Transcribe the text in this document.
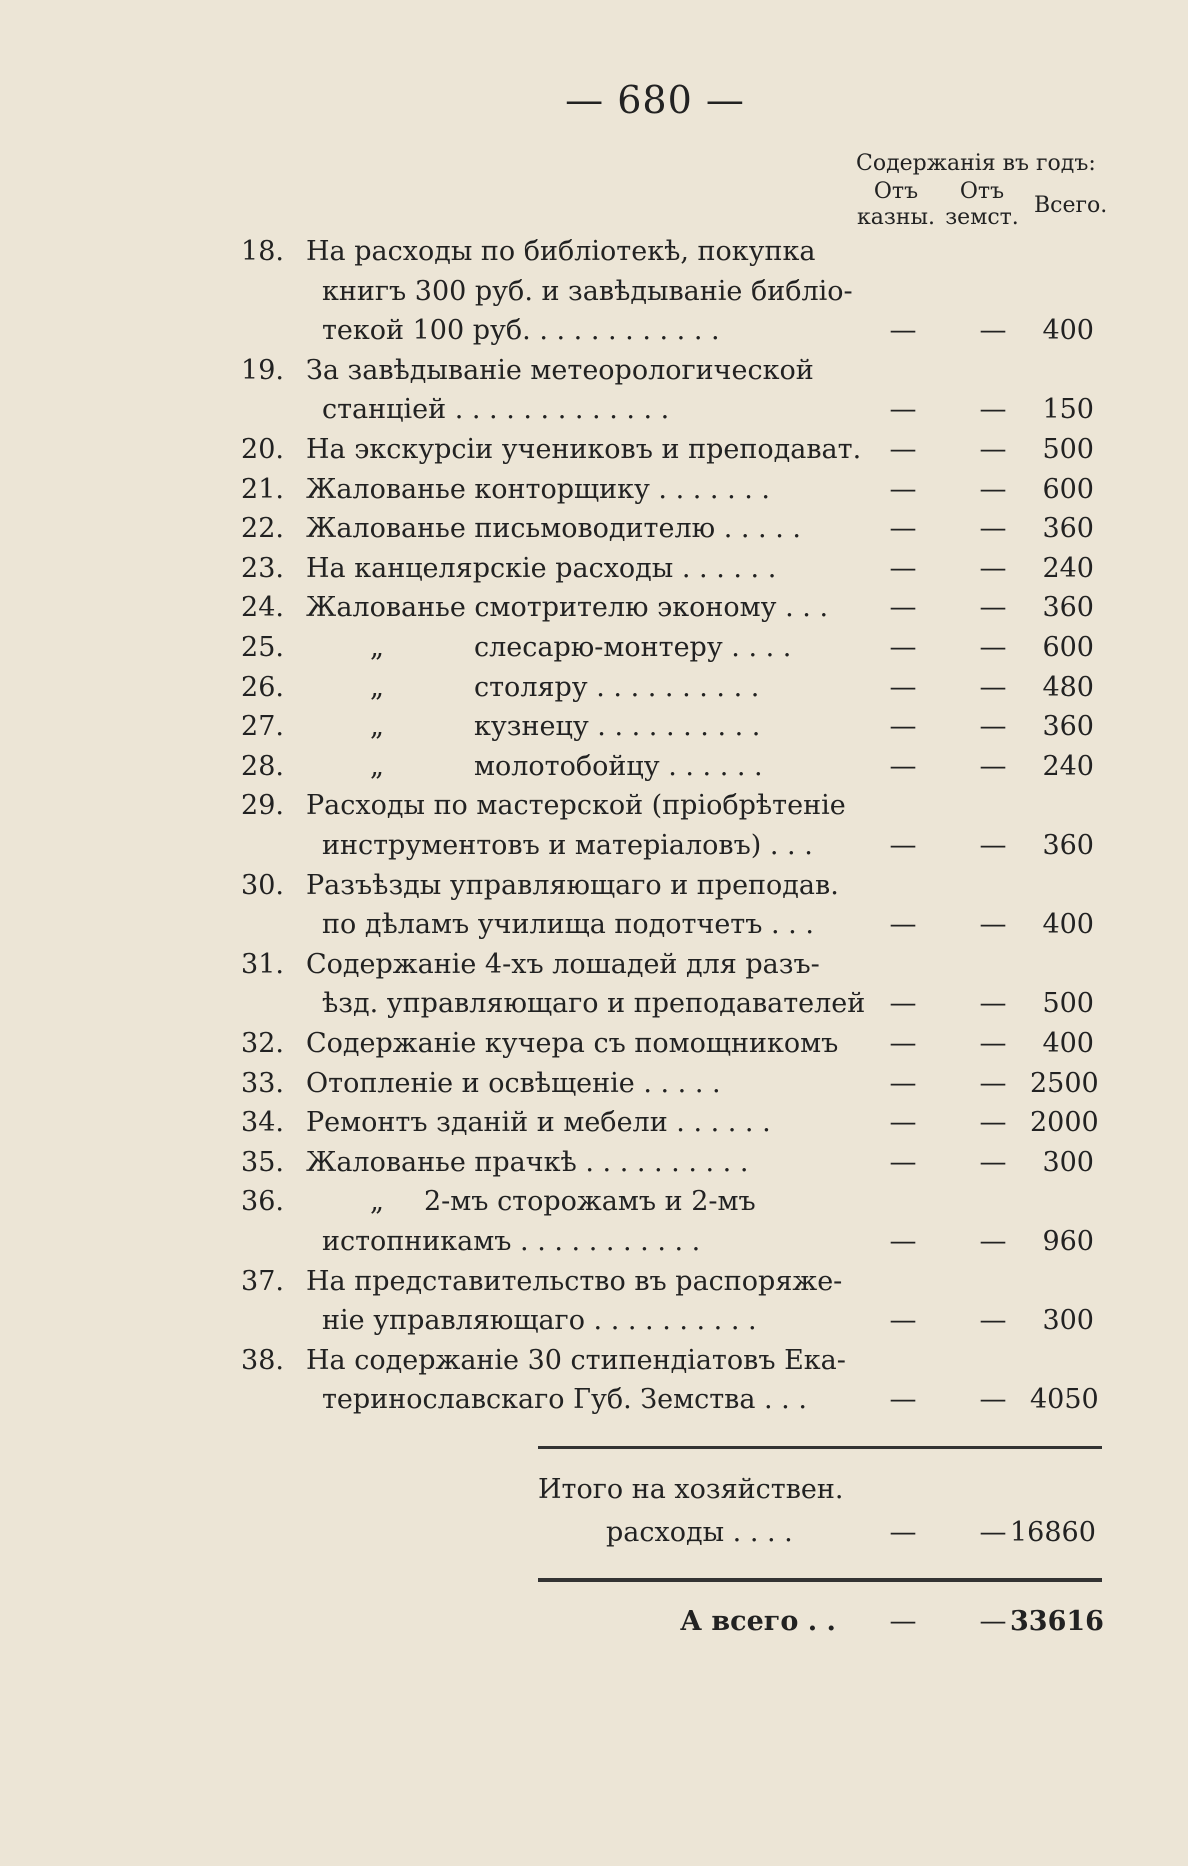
— 680 —
Содержанія въ годъ:
Отъ
казны.
Отъ
земст. Всего.
18. На расходы по библіотекѣ, покупка
книгъ 300 руб. и завѣдываніе библіо-
текой 100 руб. . . . . . . . . . . .	—	—	400
19. За завѣдываніе метеорологической
станціей . . . . . . . . . . . . .	—	—	150
20. На экскурсіи учениковъ и преподават.	—	—	500
21. Жалованье конторщику . . . . . . .	—	—	600
22. Жалованье письмоводителю . . . . .	—	—	360
23. На канцелярскіе расходы . . . . . .	—	—	240
24. Жалованье смотрителю эконому . . .	—	—	360
25.	„	слесарю-монтеру . . . .	—	—	600
26.	„	столяру . . . . . . . . . .	—	—	480
27.	„	кузнецу . . . . . . . . . .	—	—	360
28.	„	молотобойцу . . . . . .	—	—	240
29. Расходы по мастерской (пріобрѣтеніе
инструментовъ и матеріаловъ) . . .	—	—	360
30. Разъѣзды управляющаго и преподав.
по дѣламъ училища подотчетъ . . .	—	—	400
31. Содержаніе 4-хъ лошадей для разъ-
ѣзд. управляющаго и преподавателей —	—	500
32. Содержаніе кучера съ помощникомъ	—	—	400
33. Отопленіе и освѣщеніе . . . . .	—	— 2500
34. Ремонтъ зданій и мебели . . . . . .	—	— 2000
35. Жалованье прачкѣ . . . . . . . . . .	—	—	300
36.	„ 2-мъ сторожамъ и 2-мъ
истопникамъ . . . . . . . . . . .	—	—	960
37. На представительство въ распоряже-
ніе управляющаго . . . . . . . . . .	—	—	300
38. На содержаніе 30 стипендіатовъ Ека-
теринославскаго Губ. Земства . . .	—	— 4050
Итого на хозяйствен.
расходы . . . .	—	— 16860
А всего . .	—	— 33616
